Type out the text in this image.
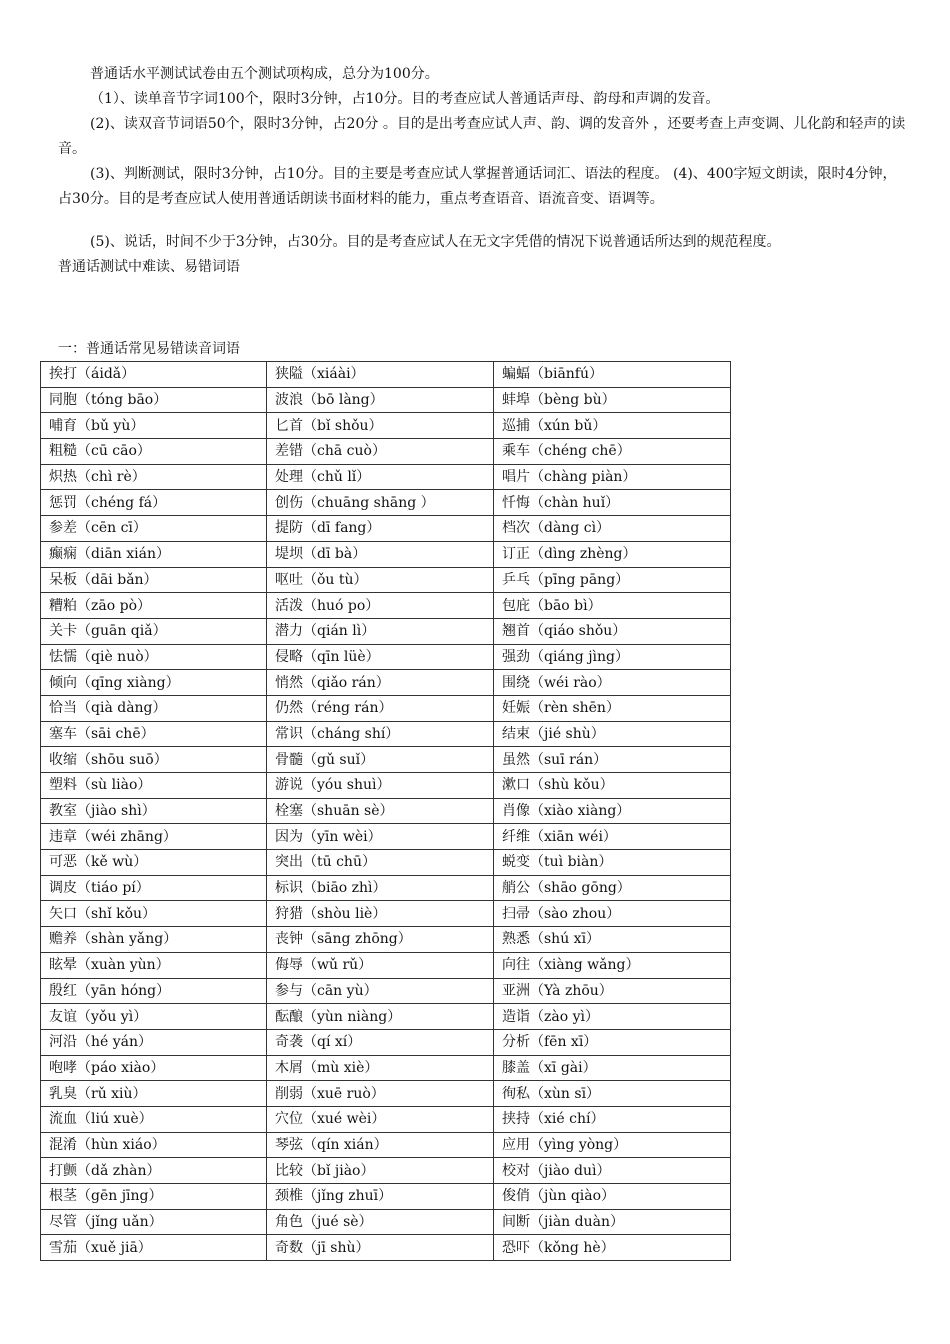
普通话水平测试试卷由五个测试项构成，总分为100分。

（1）、读单音节字词100个，限时3分钟，占10分。目的考查应试人普通话声母、韵母和声调的发音。

(2)、读双音节词语50个，限时3分钟，占20分 。目的是出考查应试人声、韵、调的发音外 ，还要考查上声变调、儿化韵和轻声的读音。

(3)、判断测试，限时3分钟，占10分。目的主要是考查应试人掌握普通话词汇、语法的程度。 (4)、400字短文朗读，限时4分钟，占30分。目的是考查应试人使用普通话朗读书面材料的能力，重点考查语音、语流音变、语调等。

(5)、说话，时间不少于3分钟，占30分。目的是考查应试人在无文字凭借的情况下说普通话所达到的规范程度。

普通话测试中难读、易错词语

一：普通话常见易错读音词语
挨打（áidǎ）	狭隘（xiáài）	蝙蝠（biānfú）
同胞（tóng bāo）	波浪（bō làng）	蚌埠（bèng bù）
哺育（bǔ yù）	匕首（bǐ shǒu）	巡捕（xún bǔ）
粗糙（cū cāo）	差错（chā cuò）	乘车（chéng chē）
炽热（chì rè）	处理（chǔ lǐ）	唱片（chàng piàn）
惩罚（chéng fá）	创伤（chuāng shāng ）	忏悔（chàn huǐ）
参差（cēn cī）	提防（dī fang）	档次（dàng cì）
癫痫（diān xián）	堤坝（dī bà）	订正（dìng zhèng）
呆板（dāi bǎn）	呕吐（ǒu tù）	乒乓（pīng pāng）
糟粕（zāo pò）	活泼（huó po）	包庇（bāo bì）
关卡（guān qiǎ）	潜力（qián lì）	翘首（qiáo shǒu）
怯懦（qiè nuò）	侵略（qīn lüè）	强劲（qiáng jìng）
倾向（qīng xiàng）	悄然（qiǎo rán）	围绕（wéi rào）
恰当（qià dàng）	仍然（réng rán）	妊娠（rèn shēn）
塞车（sāi chē）	常识（cháng shí）	结束（jié shù）
收缩（shōu suō）	骨髓（gǔ suǐ）	虽然（suī rán）
塑料（sù liào）	游说（yóu shuì）	漱口（shù kǒu）
教室（jiào shì）	栓塞（shuān sè）	肖像（xiào xiàng）
违章（wéi zhāng）	因为（yīn wèi）	纤维（xiān wéi）
可恶（kě wù）	突出（tū chū）	蜕变（tuì biàn）
调皮（tiáo pí）	标识（biāo zhì）	艄公（shāo gōng）
矢口（shǐ kǒu）	狩猎（shòu liè）	扫帚（sào zhou）
赡养（shàn yǎng）	丧钟（sāng zhōng）	熟悉（shú xī）
眩晕（xuàn yùn）	侮辱（wǔ rǔ）	向往（xiàng wǎng）
殷红（yān hóng）	参与（cān yù）	亚洲（Yà zhōu）
友谊（yǒu yì）	酝酿（yùn niàng）	造诣（zào yì）
河沿（hé yán）	奇袭（qí xí）	分析（fēn xī）
咆哮（páo xiào）	木屑（mù xiè）	膝盖（xī gài）
乳臭（rǔ xiù）	削弱（xuē ruò）	徇私（xùn sī）
流血（liú xuè）	穴位（xué wèi）	挟持（xié chí）
混淆（hùn xiáo）	琴弦（qín xián）	应用（yìng yòng）
打颤（dǎ zhàn）	比较（bǐ jiào）	校对（jiào duì）
根茎（gēn jīng）	颈椎（jǐng zhuī）	俊俏（jùn qiào）
尽管（jǐng uǎn）	角色（jué sè）	间断（jiàn duàn）
雪茄（xuě jiā）	奇数（jī shù）	恐吓（kǒng hè）
